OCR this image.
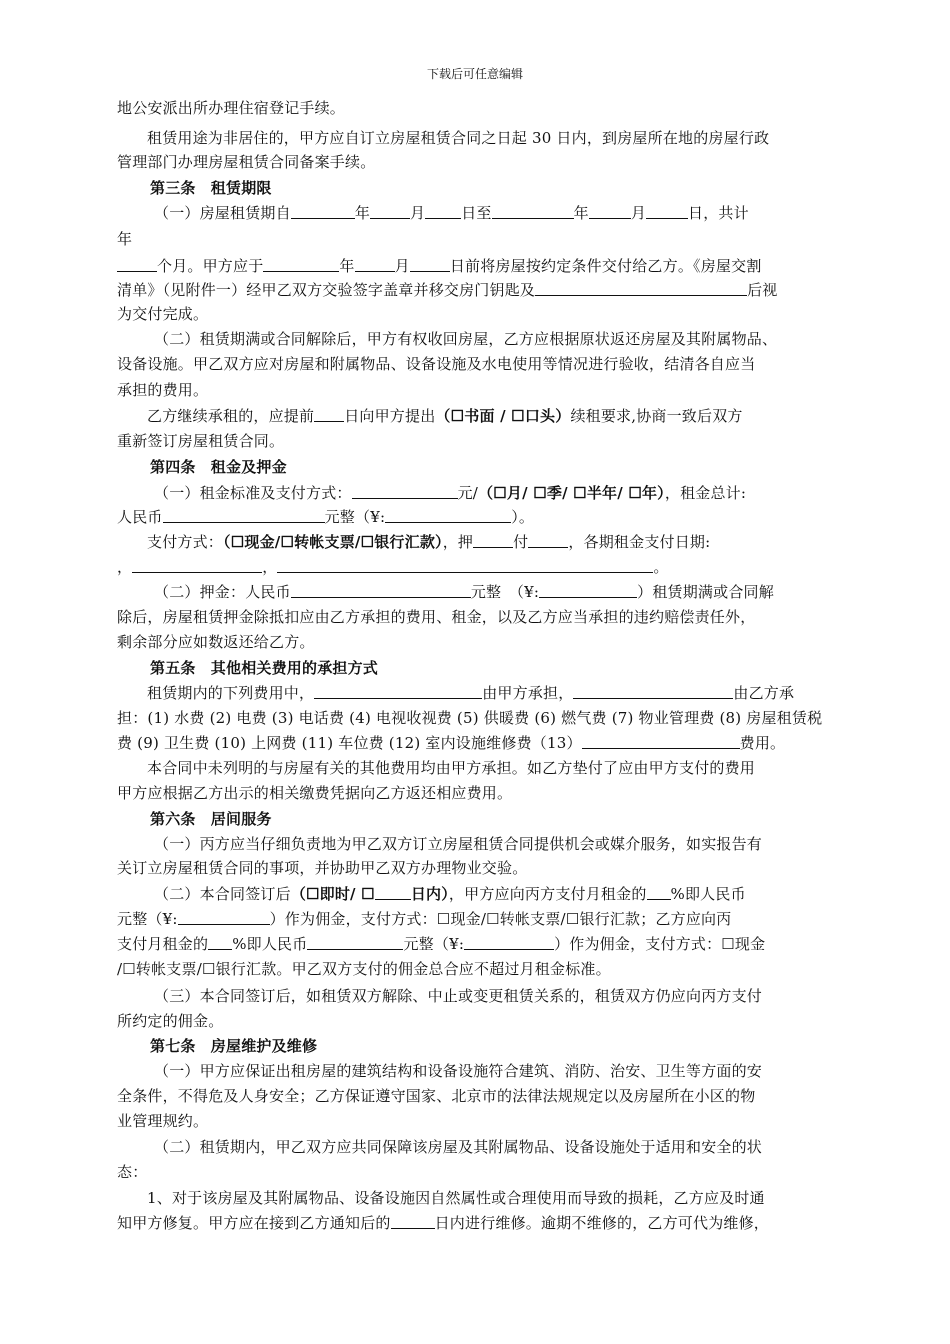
下载后可任意编辑
地公安派出所办理住宿登记手续。
租赁用途为非居住的，甲方应自订立房屋租赁合同之日起 30 日内，到房屋所在地的房屋行政
管理部门办理房屋租赁合同备案手续。
第三条　租赁期限
（一）房屋租赁期自	年	月 日至	年	月	日，共计
年
个月。甲方应于	年	月	日前将房屋按约定条件交付给乙方。《房屋交割
清单》（见附件一）经甲乙双方交验签字盖章并移交房门钥匙及	后视
为交付完成。
（二）租赁期满或合同解除后，甲方有权收回房屋，乙方应根据原状返还房屋及其附属物品、
设备设施。甲乙双方应对房屋和附属物品、设备设施及水电使用等情况进行验收，结清各自应当
承担的费用。
乙方继续承租的，应提前 日向甲方提出（☐书面 / ☐口头）续租要求,协商一致后双方
重新签订房屋租赁合同。
第四条　租金及押金
（一）租金标准及支付方式：	元/（☐月/ ☐季/ ☐半年/ ☐年），租金总计:
人民币	元整（¥:	）。
支付方式：（☐现金/☐转帐支票/☐银行汇款），押	付	，各期租金支付日期:
，	，	。
（二）押金：人民币	元整　（¥:	）租赁期满或合同解
除后，房屋租赁押金除抵扣应由乙方承担的费用、租金，以及乙方应当承担的违约赔偿责任外，
剩余部分应如数返还给乙方。
第五条　其他相关费用的承担方式
租赁期内的下列费用中，	由甲方承担，	由乙方承
担：(1) 水费 (2) 电费 (3) 电话费 (4) 电视收视费 (5) 供暖费 (6) 燃气费 (7) 物业管理费 (8) 房屋租赁税
费 (9) 卫生费 (10) 上网费 (11) 车位费 (12) 室内设施维修费（13）	费用。
本合同中未列明的与房屋有关的其他费用均由甲方承担。如乙方垫付了应由甲方支付的费用
甲方应根据乙方出示的相关缴费凭据向乙方返还相应费用。
第六条　居间服务
（一）丙方应当仔细负责地为甲乙双方订立房屋租赁合同提供机会或媒介服务，如实报告有
关订立房屋租赁合同的事项，并协助甲乙双方办理物业交验。
（二）本合同签订后（☐即时/ ☐ 日内），甲方应向丙方支付月租金的 %即人民币
元整（¥:	）作为佣金，支付方式：☐现金/☐转帐支票/☐银行汇款；乙方应向丙
支付月租金的 %即人民币	元整（¥:	）作为佣金，支付方式：☐现金
/☐转帐支票/☐银行汇款。甲乙双方支付的佣金总合应不超过月租金标准。
（三）本合同签订后，如租赁双方解除、中止或变更租赁关系的，租赁双方仍应向丙方支付
所约定的佣金。
第七条　房屋维护及维修
（一）甲方应保证出租房屋的建筑结构和设备设施符合建筑、消防、治安、卫生等方面的安
全条件，不得危及人身安全；乙方保证遵守国家、北京市的法律法规规定以及房屋所在小区的物
业管理规约。
（二）租赁期内，甲乙双方应共同保障该房屋及其附属物品、设备设施处于适用和安全的状
态：
1、对于该房屋及其附属物品、设备设施因自然属性或合理使用而导致的损耗，乙方应及时通
知甲方修复。甲方应在接到乙方通知后的	日内进行维修。逾期不维修的，乙方可代为维修，
